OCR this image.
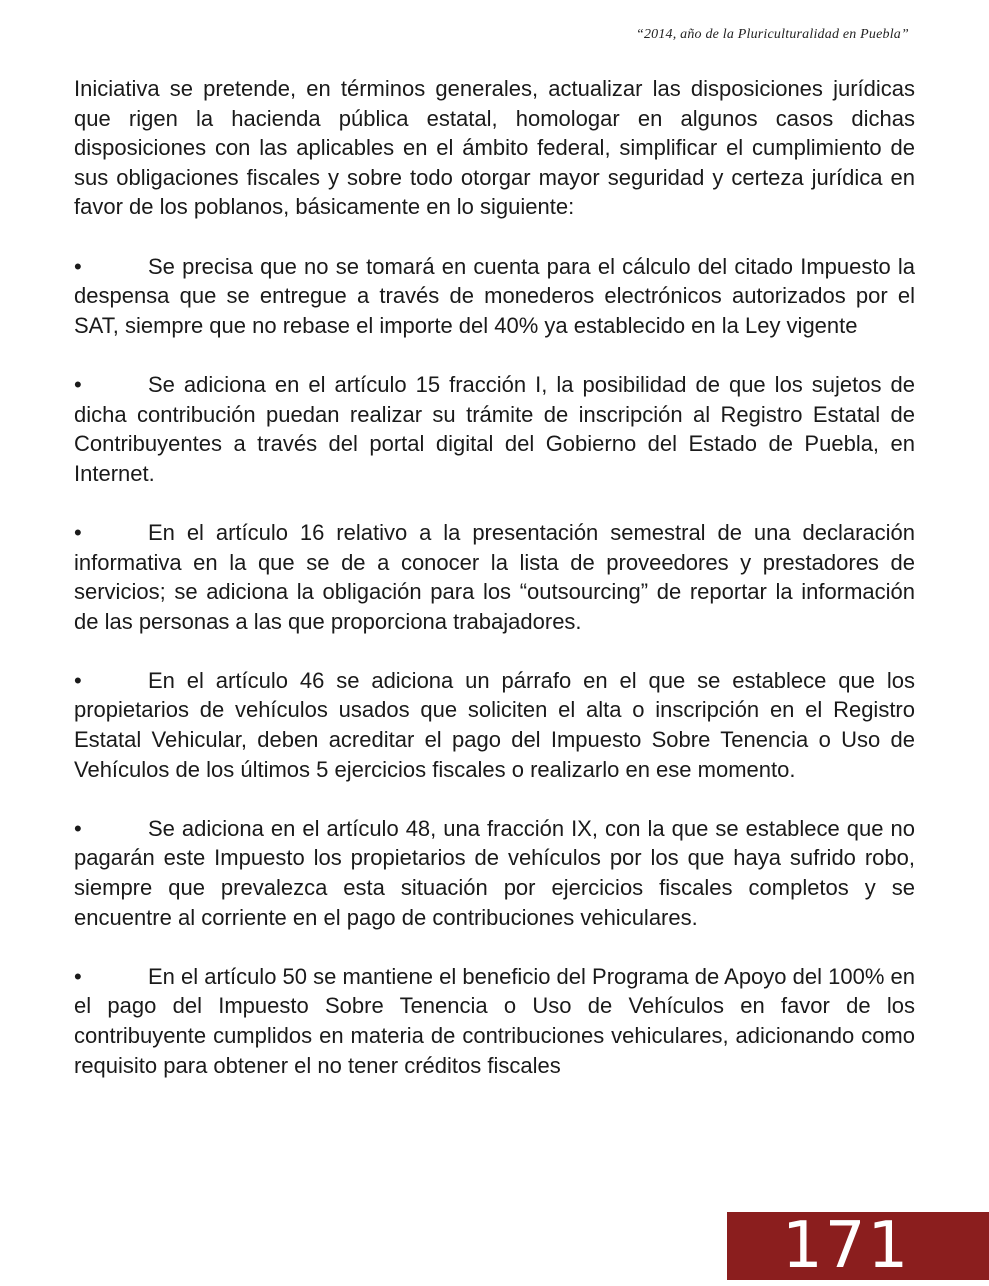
“2014, año de la Pluriculturalidad en Puebla”

Iniciativa se pretende, en términos generales, actualizar las disposiciones jurídicas que rigen la hacienda pública estatal, homologar en algunos casos dichas disposiciones con las aplicables en el ámbito federal, simplificar el cumplimiento de sus obligaciones fiscales y sobre todo otorgar mayor seguridad y certeza jurídica en favor de los poblanos, básicamente en lo siguiente:

•	Se precisa que no se tomará en cuenta para el cálculo del citado Impuesto la despensa que se entregue a través de monederos electrónicos autorizados por el SAT, siempre que no rebase el importe del 40% ya establecido en la Ley vigente

•	Se adiciona en el artículo 15 fracción I, la posibilidad de que los sujetos de dicha contribución puedan realizar su trámite de inscripción al Registro Estatal de Contribuyentes a través del portal digital del Gobierno del Estado de Puebla, en Internet.

•	En el artículo 16 relativo a la presentación semestral de una declaración informativa en la que se de a conocer la lista de proveedores y prestadores de servicios; se adiciona la obligación para los “outsourcing” de reportar la información de las personas a las que proporciona trabajadores.

•	En el artículo 46 se adiciona un párrafo en el que se establece que los propietarios de vehículos usados que soliciten el alta o inscripción en el Registro Estatal Vehicular, deben acreditar el pago del Impuesto Sobre Tenencia o Uso de Vehículos de los últimos 5 ejercicios fiscales o realizarlo en ese momento.

•	Se adiciona en el artículo 48, una fracción IX, con la que se establece que no pagarán este Impuesto los propietarios de vehículos por los que haya sufrido robo, siempre que prevalezca esta situación por ejercicios fiscales completos y se encuentre al corriente en el pago de contribuciones vehiculares.

•	En el artículo 50 se mantiene el beneficio del Programa de Apoyo del 100% en el pago del Impuesto Sobre Tenencia o Uso de Vehículos en favor de los contribuyente cumplidos en materia de contribuciones vehiculares, adicionando como requisito para obtener el no tener créditos fiscales

171
